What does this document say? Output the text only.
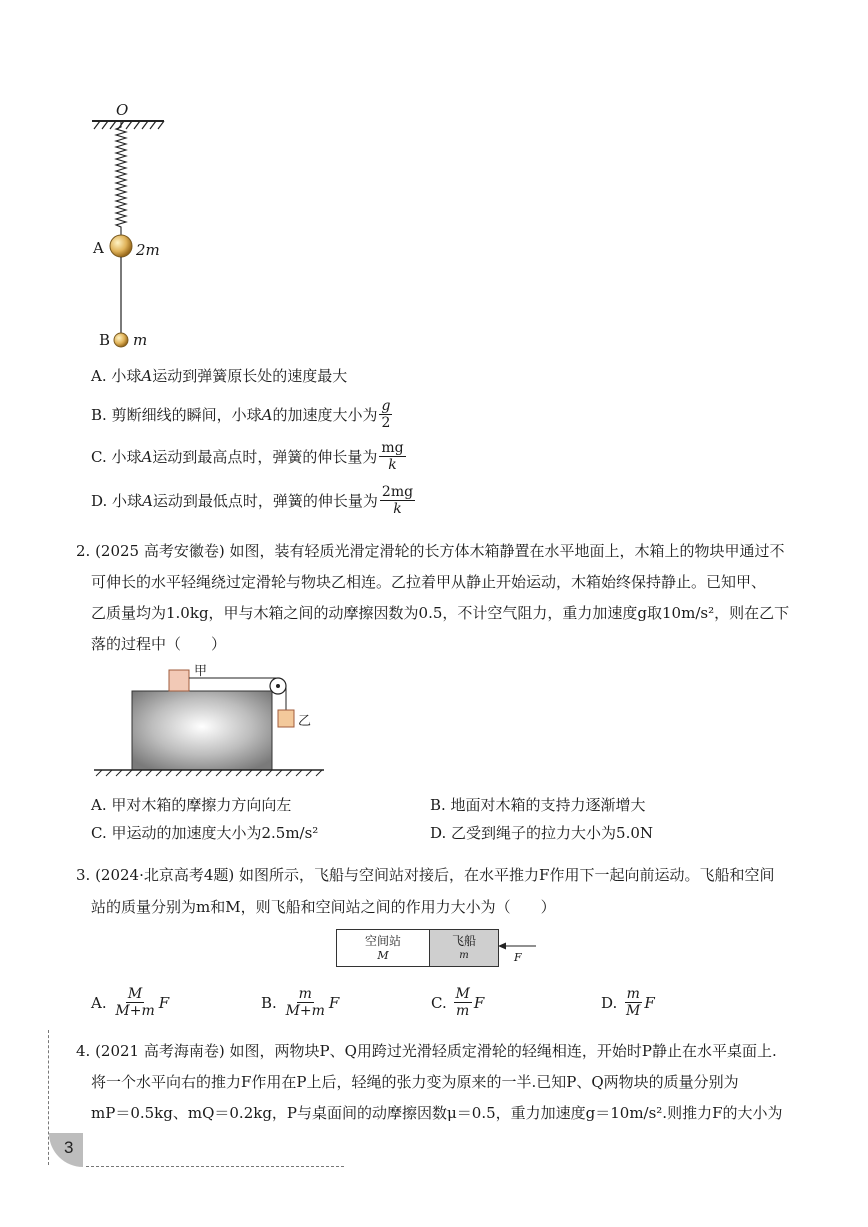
O
A 2m
B m
A. 小球A运动到弹簧原长处的速度最大
B.
剪断细线的瞬间，小球 A 的加速度大小为 $\frac{g}{2}$
C.
小球 A 运动到最高点时，弹簧的伸长量为 $\frac{mg}{k}$
D.
小球 A 运动到最低点时，弹簧的伸长量为 $\frac{2mg}{k}$
2. (2025 高考安徽卷) 如图，装有轻质光滑定滑轮的长方体木箱静置在水平地面上，木箱上的物块甲通过不
可伸长的水平轻绳绕过定滑轮与物块乙相连。乙拉着甲从静止开始运动，木箱始终保持静止。已知甲、
乙质量均为1.0kg，甲与木箱之间的动摩擦因数为0.5，不计空气阻力，重力加速度g取10m/s²，则在乙下
落的过程中（　　）
甲
乙
A. 甲对木箱的摩擦力方向向左	B. 地面对木箱的支持力逐渐增大
C. 甲运动的加速度大小为2.5m/s²	D. 乙受到绳子的拉力大小为5.0N
3. (2024·北京高考4题) 如图所示，飞船与空间站对接后，在水平推力F作用下一起向前运动。飞船和空间
站的质量分别为m和M，则飞船和空间站之间的作用力大小为（　　）
空间站
M
飞船
m	F
A.
$\frac{M}{M+m}$ F	B.
$\frac{m}{M+m}$ F	C.
$\frac{M}{m}$ F	D.
$\frac{m}{M}$ F
4. (2021 高考海南卷) 如图，两物块P、Q用跨过光滑轻质定滑轮的轻绳相连，开始时P静止在水平桌面上.
将一个水平向右的推力F作用在P上后，轻绳的张力变为原来的一半.已知P、Q两物块的质量分别为
mP＝0.5kg、mQ＝0.2kg，P与桌面间的动摩擦因数μ＝0.5，重力加速度g＝10m/s².则推力F的大小为
3
